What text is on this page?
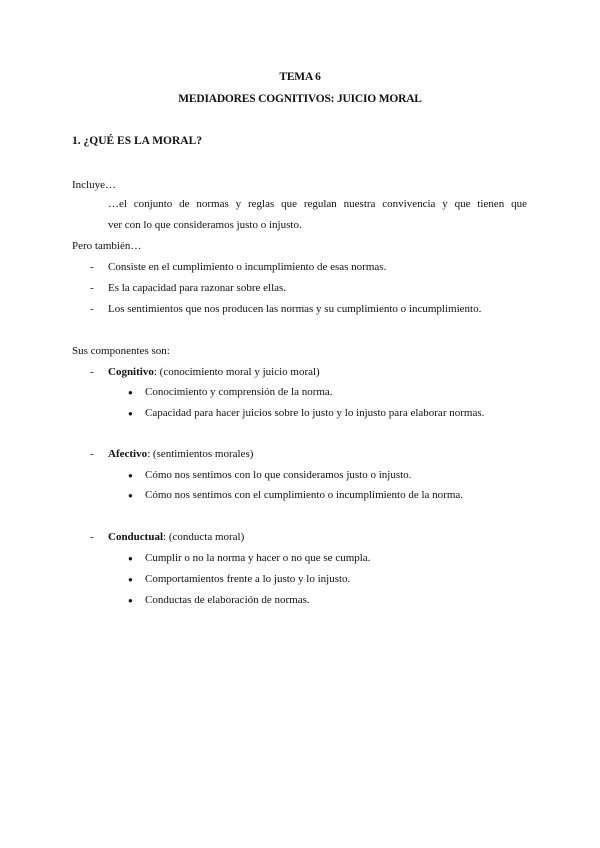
TEMA 6
MEDIADORES COGNITIVOS: JUICIO MORAL
1. ¿QUÉ ES LA MORAL?
Incluye…
…el conjunto de normas y reglas que regulan nuestra convivencia y que tienen que
ver con lo que consideramos justo o injusto.
Pero también…
- Consiste en el cumplimiento o incumplimiento de esas normas.
- Es la capacidad para razonar sobre ellas.
- Los sentimientos que nos producen las normas y su cumplimiento o incumplimiento.
Sus componentes son:
- Cognitivo: (conocimiento moral y juicio moral)
● Conocimiento y comprensión de la norma.
● Capacidad para hacer juicios sobre lo justo y lo injusto para elaborar normas.
- Afectivo: (sentimientos morales)
● Cómo nos sentimos con lo que consideramos justo o injusto.
● Cómo nos sentimos con el cumplimiento o incumplimiento de la norma.
- Conductual: (conducta moral)
● Cumplir o no la norma y hacer o no que se cumpla.
● Comportamientos frente a lo justo y lo injusto.
● Conductas de elaboración de normas.
